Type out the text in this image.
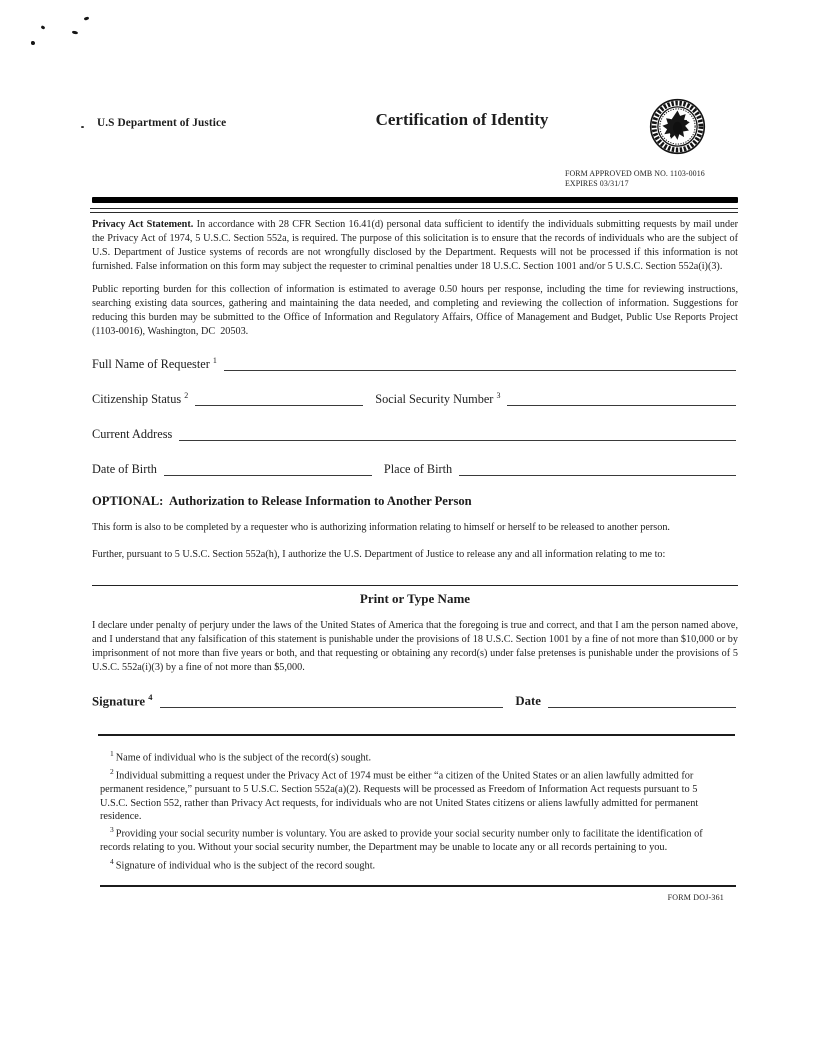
U.S Department of Justice	Certification of Identity
FORM APPROVED OMB NO. 1103-0016
EXPIRES 03/31/17

Privacy Act Statement. In accordance with 28 CFR Section 16.41(d) personal data sufficient to identify the individuals submitting requests by mail under the Privacy Act of 1974, 5 U.S.C. Section 552a, is required. The purpose of this solicitation is to ensure that the records of individuals who are the subject of U.S. Department of Justice systems of records are not wrongfully disclosed by the Department. Requests will not be processed if this information is not furnished. False information on this form may subject the requester to criminal penalties under 18 U.S.C. Section 1001 and/or 5 U.S.C. Section 552a(i)(3).

Public reporting burden for this collection of information is estimated to average 0.50 hours per response, including the time for reviewing instructions, searching existing data sources, gathering and maintaining the data needed, and completing and reviewing the collection of information. Suggestions for reducing this burden may be submitted to the Office of Information and Regulatory Affairs, Office of Management and Budget, Public Use Reports Project (1103-0016), Washington, DC  20503.

Full Name of Requester $^1$
Citizenship Status $^2$	Social Security Number $^3$
Current Address
Date of Birth	Place of Birth
OPTIONAL:  Authorization to Release Information to Another Person

This form is also to be completed by a requester who is authorizing information relating to himself or herself to be released to another person.

Further, pursuant to 5 U.S.C. Section 552a(h), I authorize the U.S. Department of Justice to release any and all information relating to me to:

Print or Type Name

I declare under penalty of perjury under the laws of the United States of America that the foregoing is true and correct, and that I am the person named above, and I understand that any falsification of this statement is punishable under the provisions of 18 U.S.C. Section 1001 by a fine of not more than $10,000 or by imprisonment of not more than five years or both, and that requesting or obtaining any record(s) under false pretenses is punishable under the provisions of 5 U.S.C. 552a(i)(3) by a fine of not more than $5,000.

Signature $^4$	Date

$^1$ Name of individual who is the subject of the record(s) sought.

$^2$ Individual submitting a request under the Privacy Act of 1974 must be either “a citizen of the United States or an alien lawfully admitted for permanent residence,” pursuant to 5 U.S.C. Section 552a(a)(2). Requests will be processed as Freedom of Information Act requests pursuant to 5 U.S.C. Section 552, rather than Privacy Act requests, for individuals who are not United States citizens or aliens lawfully admitted for permanent residence.

$^3$ Providing your social security number is voluntary. You are asked to provide your social security number only to facilitate the identification of records relating to you. Without your social security number, the Department may be unable to locate any or all records pertaining to you.

$^4$ Signature of individual who is the subject of the record sought.

FORM DOJ-361
